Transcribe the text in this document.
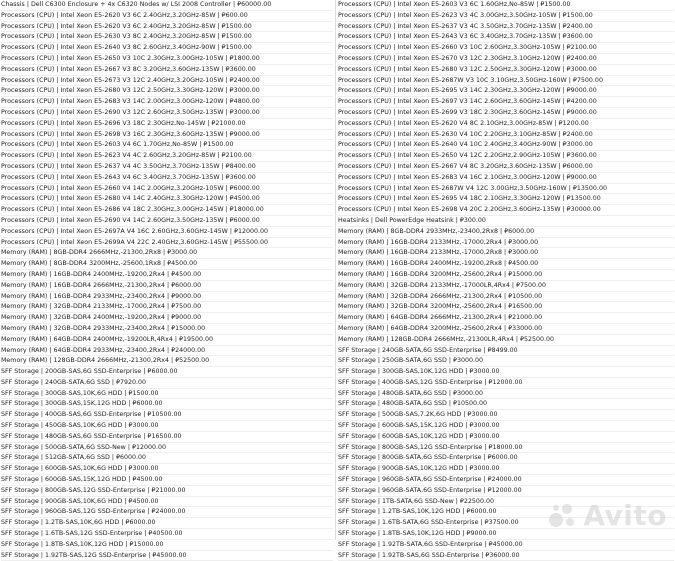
Chassis | Dell C6300 Enclosure + 4x C6320 Nodes w/ LSI 2008 Controller | ₽60000.00
Processors (CPU) | Intel Xeon E5-2620 V3 6C 2.40GHz,3.20GHz-85W | ₽600.00
Processors (CPU) | Intel Xeon E5-2620 V3 6C 2.40GHz,3.20GHz-85W | ₽1500.00
Processors (CPU) | Intel Xeon E5-2630 V3 8C 2.40GHz,3.20GHz-85W | ₽1500.00
Processors (CPU) | Intel Xeon E5-2640 V3 8C 2.60GHz,3.40GHz-90W | ₽1500.00
Processors (CPU) | Intel Xeon E5-2650 V3 10C 2.30GHz,3.00GHz-105W | ₽1800.00
Processors (CPU) | Intel Xeon E5-2667 V3 8C 3.20GHz,3.60GHz-135W | ₽3600.00
Processors (CPU) | Intel Xeon E5-2673 V3 12C 2.40GHz,3.20GHz-105W | ₽2400.00
Processors (CPU) | Intel Xeon E5-2680 V3 12C 2.50GHz,3.30GHz-120W | ₽3000.00
Processors (CPU) | Intel Xeon E5-2683 V3 14C 2.00GHz,3.00GHz-120W | ₽4800.00
Processors (CPU) | Intel Xeon E5-2690 V3 12C 2.60GHz,3.50GHz-135W | ₽3000.00
Processors (CPU) | Intel Xeon E5-2696 V3 18C 2.30GHz,No-145W | ₽21000.00
Processors (CPU) | Intel Xeon E5-2698 V3 16C 2.30GHz,3.60GHz-135W | ₽9000.00
Processors (CPU) | Intel Xeon E5-2603 V4 6C 1.70GHz,No-85W | ₽1500.00
Processors (CPU) | Intel Xeon E5-2623 V4 4C 2.60GHz,3.20GHz-85W | ₽2100.00
Processors (CPU) | Intel Xeon E5-2637 V4 4C 3.50GHz,3.70GHz-135W | ₽8400.00
Processors (CPU) | Intel Xeon E5-2643 V4 6C 3.40GHz,3.70GHz-135W | ₽3600.00
Processors (CPU) | Intel Xeon E5-2660 V4 14C 2.00GHz,3.20GHz-105W | ₽6000.00
Processors (CPU) | Intel Xeon E5-2680 V4 14C 2.40GHz,3.30GHz-120W | ₽4500.00
Processors (CPU) | Intel Xeon E5-2686 V4 18C 2.30GHz,3.00GHz-145W | ₽18000.00
Processors (CPU) | Intel Xeon E5-2690 V4 14C 2.60GHz,3.50GHz-135W | ₽6000.00
Processors (CPU) | Intel Xeon E5-2697A V4 16C 2.60GHz,3.60GHz-145W | ₽12000.00
Processors (CPU) | Intel Xeon E5-2699A V4 22C 2.40GHz,3.60GHz-145W | ₽55500.00
Memory (RAM) | 8GB-DDR4 2666MHz,-21300,2Rx8 | ₽3000.00
Memory (RAM) | 8GB-DDR4 3200MHz,-25600,1Rx8 | ₽4500.00
Memory (RAM) | 16GB-DDR4 2400MHz,-19200,2Rx4 | ₽4500.00
Memory (RAM) | 16GB-DDR4 2666MHz,-21300,2Rx4 | ₽6000.00
Memory (RAM) | 16GB-DDR4 2933MHz,-23400,2Rx4 | ₽9000.00
Memory (RAM) | 32GB-DDR4 2133MHz,-17000,2Rx4 | ₽7500.00
Memory (RAM) | 32GB-DDR4 2400MHz,-19200,2Rx4 | ₽9000.00
Memory (RAM) | 32GB-DDR4 2933MHz,-23400,2Rx4 | ₽15000.00
Memory (RAM) | 64GB-DDR4 2400MHz,-19200LR,4Rx4 | ₽19500.00
Memory (RAM) | 64GB-DDR4 2933MHz,-23400,2Rx4 | ₽24000.00
Memory (RAM) | 128GB-DDR4 2666MHz,-21300,2Rx4 | ₽52500.00
SFF Storage | 200GB-SAS,6G SSD-Enterprise | ₽6000.00
SFF Storage | 240GB-SATA,6G SSD | ₽7920.00
SFF Storage | 300GB-SAS,10K,6G HDD | ₽1500.00
SFF Storage | 300GB-SAS,15K,12G HDD | ₽6000.00
SFF Storage | 400GB-SAS,6G SSD-Enterprise | ₽10500.00
SFF Storage | 450GB-SAS,10K,6G HDD | ₽3000.00
SFF Storage | 480GB-SAS,6G SSD-Enterprise | ₽16500.00
SFF Storage | 500GB-SATA,6G SSD-New | ₽12000.00
SFF Storage | 512GB-SATA,6G SSD | ₽6000.00
SFF Storage | 600GB-SAS,10K,6G HDD | ₽3000.00
SFF Storage | 600GB-SAS,15K,12G HDD | ₽4500.00
SFF Storage | 800GB-SAS,12G SSD-Enterprise | ₽21000.00
SFF Storage | 900GB-SAS,10K,6G HDD | ₽4500.00
SFF Storage | 960GB-SAS,12G SSD-Enterprise | ₽24000.00
SFF Storage | 1.2TB-SAS,10K,6G HDD | ₽6000.00
SFF Storage | 1.6TB-SAS,12G SSD-Enterprise | ₽40500.00
SFF Storage | 1.8TB-SAS,10K,12G HDD | ₽15000.00
SFF Storage | 1.92TB-SAS,12G SSD-Enterprise | ₽45000.00
Processors (CPU) | Intel Xeon E5-2603 V3 6C 1.60GHz,No-85W | ₽1500.00
Processors (CPU) | Intel Xeon E5-2623 V3 4C 3.00GHz,3.50GHz-105W | ₽1500.00
Processors (CPU) | Intel Xeon E5-2637 V3 4C 3.50GHz,3.70GHz-135W | ₽2400.00
Processors (CPU) | Intel Xeon E5-2643 V3 6C 3.40GHz,3.70GHz-135W | ₽3600.00
Processors (CPU) | Intel Xeon E5-2660 V3 10C 2.60GHz,3.30GHz-105W | ₽2100.00
Processors (CPU) | Intel Xeon E5-2670 V3 12C 2.30GHz,3.10GHz-120W | ₽2400.00
Processors (CPU) | Intel Xeon E5-2680 V3 12C 2.50GHz,3.30GHz-120W | ₽3000.00
Processors (CPU) | Intel Xeon E5-2687W V3 10C 3.10GHz,3.50GHz-160W | ₽7500.00
Processors (CPU) | Intel Xeon E5-2695 V3 14C 2.30GHz,3.30GHz-120W | ₽9000.00
Processors (CPU) | Intel Xeon E5-2697 V3 14C 2.60GHz,3.60GHz-145W | ₽4200.00
Processors (CPU) | Intel Xeon E5-2699 V3 18C 2.30GHz,3.60GHz-145W | ₽9000.00
Processors (CPU) | Intel Xeon E5-2620 V4 8C 2.10GHz,3.00GHz-85W | ₽1200.00
Processors (CPU) | Intel Xeon E5-2630 V4 10C 2.20GHz,3.10GHz-85W | ₽2400.00
Processors (CPU) | Intel Xeon E5-2640 V4 10C 2.40GHz,3.40GHz-90W | ₽3000.00
Processors (CPU) | Intel Xeon E5-2650 V4 12C 2.20GHz,2.90GHz-105W | ₽3600.00
Processors (CPU) | Intel Xeon E5-2667 V4 8C 3.20GHz,3.60GHz-135W | ₽6000.00
Processors (CPU) | Intel Xeon E5-2683 V4 16C 2.10GHz,3.00GHz-120W | ₽9000.00
Processors (CPU) | Intel Xeon E5-2687W V4 12C 3.00GHz,3.50GHz-160W | ₽13500.00
Processors (CPU) | Intel Xeon E5-2695 V4 18C 2.10GHz,3.30GHz-120W | ₽13500.00
Processors (CPU) | Intel Xeon E5-2698 V4 20C 2.20GHz,3.60GHz-135W | ₽30000.00
Heatsinks | Dell PowerEdge Heatsink | ₽300.00
Memory (RAM) | 8GB-DDR4 2933MHz,-23400,2Rx8 | ₽6000.00
Memory (RAM) | 16GB-DDR4 2133MHz,-17000,2Rx4 | ₽3000.00
Memory (RAM) | 16GB-DDR4 2133MHz,-17000,2Rx8 | ₽3000.00
Memory (RAM) | 16GB-DDR4 2400MHz,-19200,2Rx8 | ₽4500.00
Memory (RAM) | 16GB-DDR4 3200MHz,-25600,2Rx4 | ₽15000.00
Memory (RAM) | 32GB-DDR4 2133MHz,-17000LR,4Rx4 | ₽7500.00
Memory (RAM) | 32GB-DDR4 2666MHz,-21300,2Rx4 | ₽10500.00
Memory (RAM) | 32GB-DDR4 3200MHz,-25600,2Rx4 | ₽16500.00
Memory (RAM) | 64GB-DDR4 2666MHz,-21300,2Rx4 | ₽21000.00
Memory (RAM) | 64GB-DDR4 3200MHz,-25600,2Rx4 | ₽33000.00
Memory (RAM) | 128GB-DDR4 2666MHz,-21300LR,4Rx4 | ₽52500.00
SFF Storage | 240GB-SATA,6G SSD-Enterprise | ₽8499.00
SFF Storage | 250GB-SATA,6G SSD | ₽3000.00
SFF Storage | 300GB-SAS,10K,12G HDD | ₽3000.00
SFF Storage | 400GB-SAS,12G SSD-Enterprise | ₽12000.00
SFF Storage | 480GB-SATA,6G SSD | ₽3000.00
SFF Storage | 480GB-SATA,6G SSD | ₽10500.00
SFF Storage | 500GB-SAS,7.2K,6G HDD | ₽3000.00
SFF Storage | 600GB-SAS,15K,12G HDD | ₽3000.00
SFF Storage | 600GB-SAS,10K,12G HDD | ₽3000.00
SFF Storage | 800GB-SAS,12G SSD-Enterprise | ₽18000.00
SFF Storage | 800GB-SATA,6G SSD-Enterprise | ₽6000.00
SFF Storage | 900GB-SAS,10K,12G HDD | ₽3000.00
SFF Storage | 960GB-SATA,6G SSD-Enterprise | ₽24000.00
SFF Storage | 960GB-SATA,6G SSD-Enterprise | ₽12000.00
SFF Storage | 1TB-SATA,6G SSD-New | ₽22500.00
SFF Storage | 1.2TB-SAS,10K,12G HDD | ₽6000.00
SFF Storage | 1.6TB-SATA,6G SSD-Enterprise | ₽37500.00
SFF Storage | 1.8TB-SAS,10K,12G HDD | ₽9000.00
SFF Storage | 1.92TB-SATA,6G SSD-Enterprise | ₽45000.00
SFF Storage | 1.92TB-SAS,6G SSD-Enterprise | ₽36000.00
Avito
